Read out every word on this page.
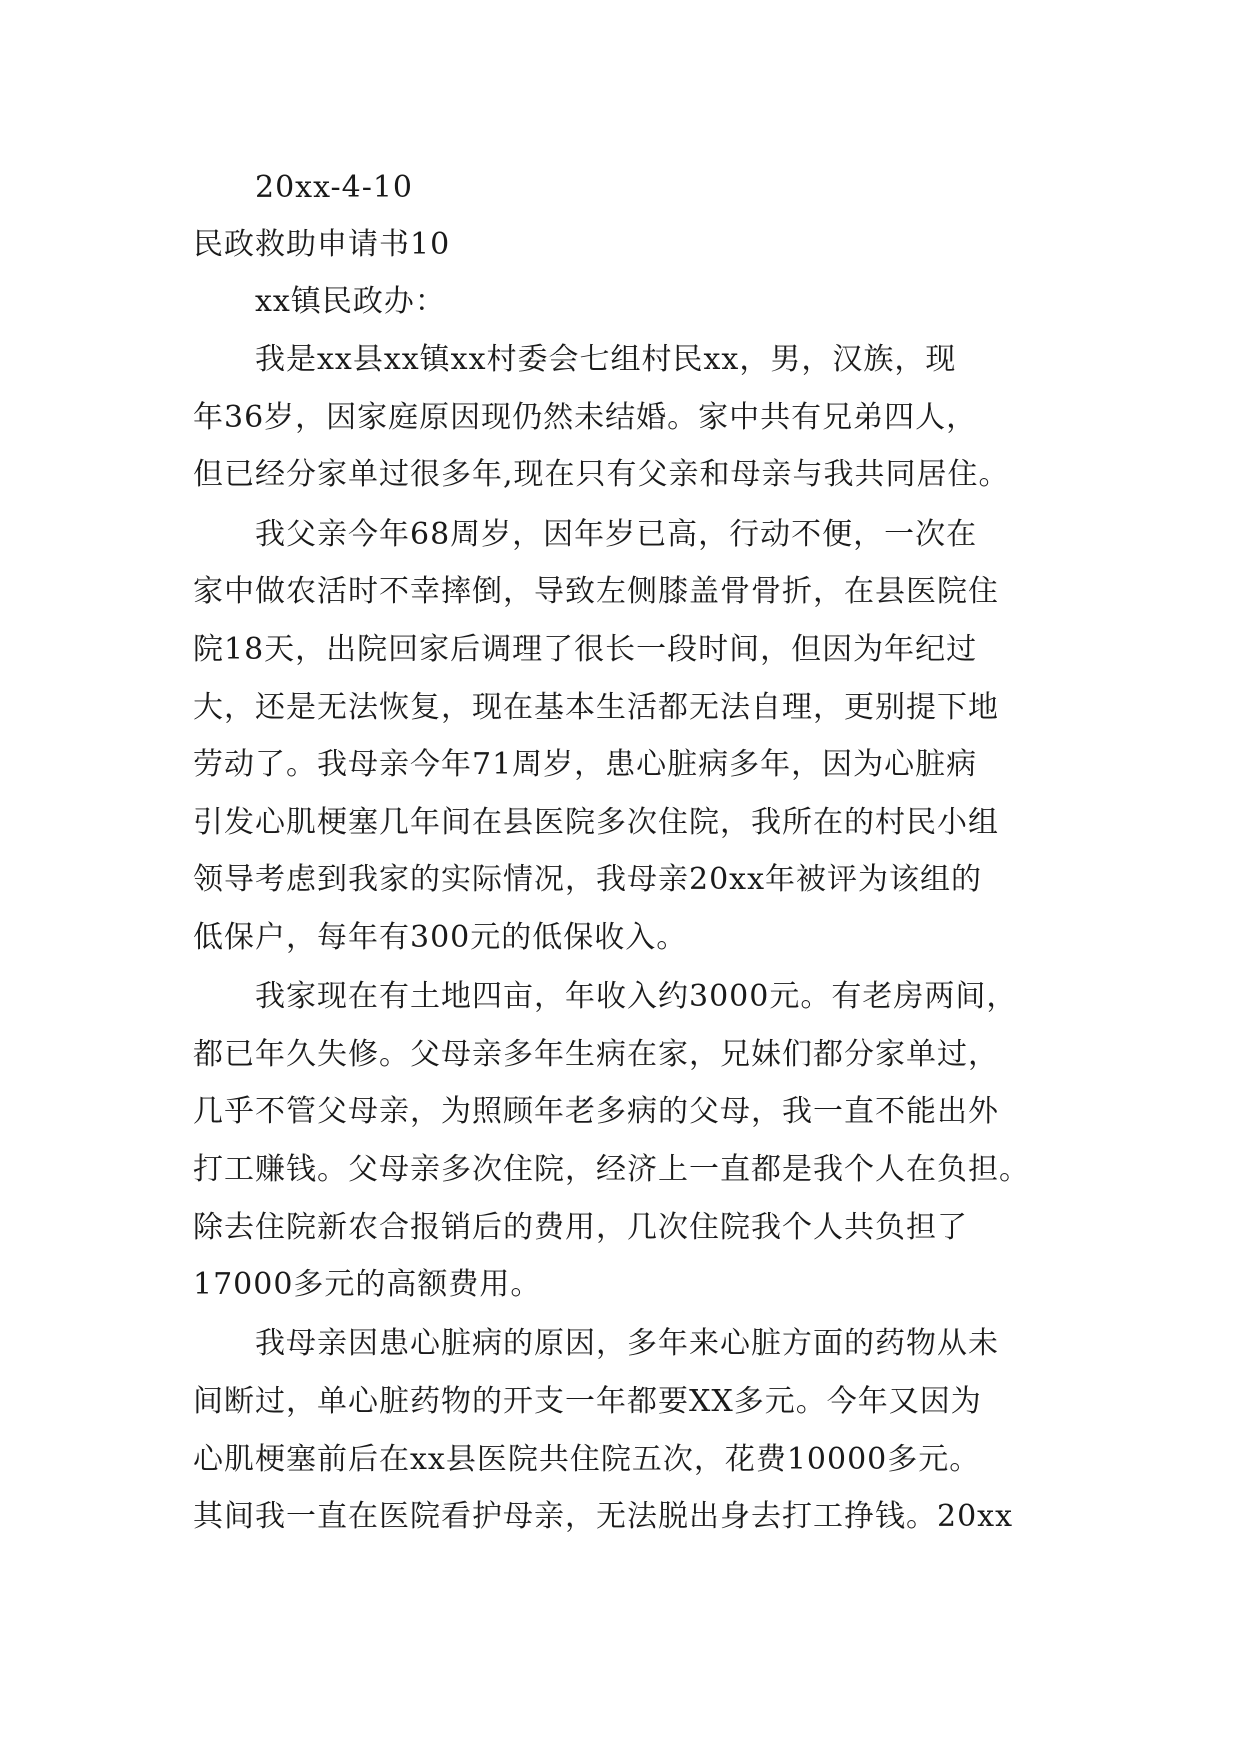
20xx-4-10
民政救助申请书10
xx镇民政办：
我是xx县xx镇xx村委会七组村民xx，男，汉族，现
年36岁，因家庭原因现仍然未结婚。家中共有兄弟四人，
但已经分家单过很多年,现在只有父亲和母亲与我共同居住。
我父亲今年68周岁，因年岁已高，行动不便，一次在
家中做农活时不幸摔倒，导致左侧膝盖骨骨折，在县医院住
院18天，出院回家后调理了很长一段时间，但因为年纪过
大，还是无法恢复，现在基本生活都无法自理，更别提下地
劳动了。我母亲今年71周岁，患心脏病多年，因为心脏病
引发心肌梗塞几年间在县医院多次住院，我所在的村民小组
领导考虑到我家的实际情况，我母亲20xx年被评为该组的
低保户，每年有300元的低保收入。
我家现在有土地四亩，年收入约3000元。有老房两间，
都已年久失修。父母亲多年生病在家，兄妹们都分家单过，
几乎不管父母亲，为照顾年老多病的父母，我一直不能出外
打工赚钱。父母亲多次住院，经济上一直都是我个人在负担。
除去住院新农合报销后的费用，几次住院我个人共负担了
17000多元的高额费用。
我母亲因患心脏病的原因，多年来心脏方面的药物从未
间断过，单心脏药物的开支一年都要XX多元。今年又因为
心肌梗塞前后在xx县医院共住院五次，花费10000多元。
其间我一直在医院看护母亲，无法脱出身去打工挣钱。20xx
